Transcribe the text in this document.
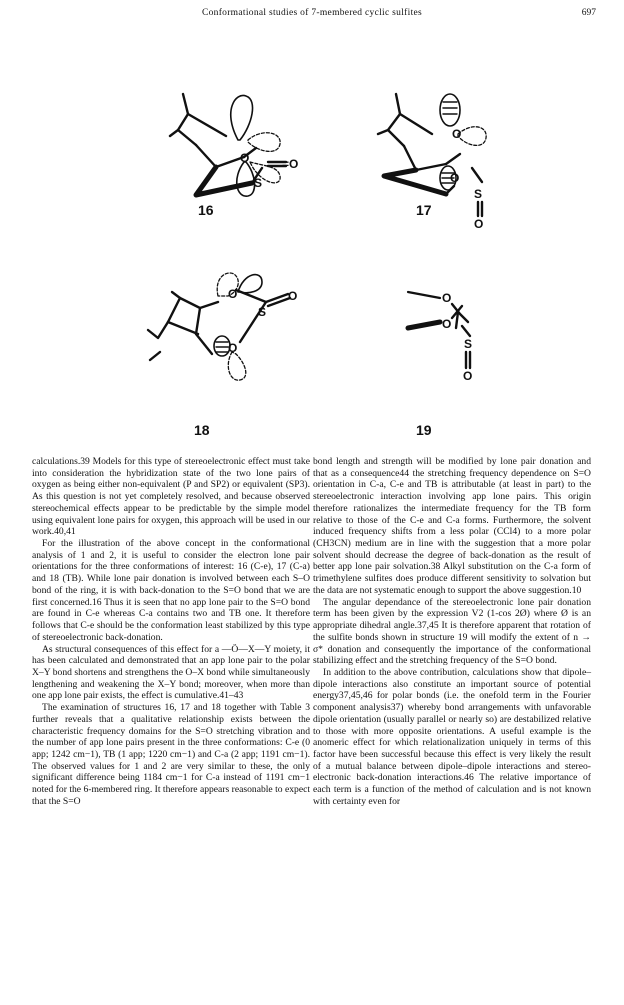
Conformational studies of 7-membered cyclic sulfites	697
O
S
=O
O
O
S
O
O
S
O
O
O
O
S
O
16	17
18	19

calculations.39 Models for this type of stereoelectronic effect must take into consideration the hybridization state of the two lone pairs of oxygen as being either non-equivalent (P and SP2) or equivalent (SP3). As this question is not yet completely resolved, and because observed stereochemical effects appear to be predictable by the simple model using equivalent lone pairs for oxygen, this approach will be used in our work.40,41

For the illustration of the above concept in the conformational analysis of 1 and 2, it is useful to consider the electron lone pair orientations for the three conformations of interest: 16 (C-e), 17 (C-a) and 18 (TB). While lone pair donation is involved between each S–O bond of the ring, it is with back-donation to the S=O bond that we are first concerned.16 Thus it is seen that no app lone pair to the S=O bond are found in C-e whereas C-a contains two and TB one. It therefore follows that C-e should be the conformation least stabilized by this type of stereoelectronic back-donation.

As structural consequences of this effect for a —Ö—X—Y moiety, it has been calculated and demonstrated that an app lone pair to the polar X–Y bond shortens and strengthens the O–X bond while simultaneously lengthening and weakening the X–Y bond; moreover, when more than one app lone pair exists, the effect is cumulative.41–43

The examination of structures 16, 17 and 18 together with Table 3 further reveals that a qualitative relationship exists between the characteristic frequency domains for the S=O stretching vibration and the number of app lone pairs present in the three conformations: C-e (0 app; 1242 cm−1), TB (1 app; 1220 cm−1) and C-a (2 app; 1191 cm−1). The observed values for 1 and 2 are very similar to these, the only significant difference being 1184 cm−1 for C-a instead of 1191 cm−1 noted for the 6-membered ring. It therefore appears reasonable to expect that the S=O

bond length and strength will be modified by lone pair donation and that as a consequence44 the stretching frequency dependence on S=O orientation in C-a, C-e and TB is attributable (at least in part) to the stereoelectronic interaction involving app lone pairs. This origin therefore rationalizes the intermediate frequency for the TB form relative to those of the C-e and C-a forms. Furthermore, the solvent induced frequency shifts from a less polar (CCl4) to a more polar (CH3CN) medium are in line with the suggestion that a more polar solvent should decrease the degree of back-donation as the result of better app lone pair solvation.38 Alkyl substitution on the C-a form of trimethylene sulfites does produce different sensitivity to solvation but the data are not systematic enough to support the above suggestion.10

The angular dependance of the stereoelectronic lone pair donation term has been given by the expression V2 (1-cos 2Ø) where Ø is an appropriate dihedral angle.37,45 It is therefore apparent that rotation of the sulfite bonds shown in structure 19 will modify the extent of n → σ* donation and consequently the importance of the conformational stabilizing effect and the stretching frequency of the S=O bond.

In addition to the above contribution, calculations show that dipole–dipole interactions also constitute an important source of potential energy37,45,46 for polar bonds (i.e. the onefold term in the Fourier component analysis37) whereby bond arrangements with unfavorable dipole orientation (usually parallel or nearly so) are destabilized relative to those with more opposite orientations. A useful example is the anomeric effect for which relationalization uniquely in terms of this factor have been successful because this effect is very likely the result of a mutual balance between dipole–dipole interactions and stereo-electronic back-donation interactions.46 The relative importance of each term is a function of the method of calculation and is not known with certainty even for
